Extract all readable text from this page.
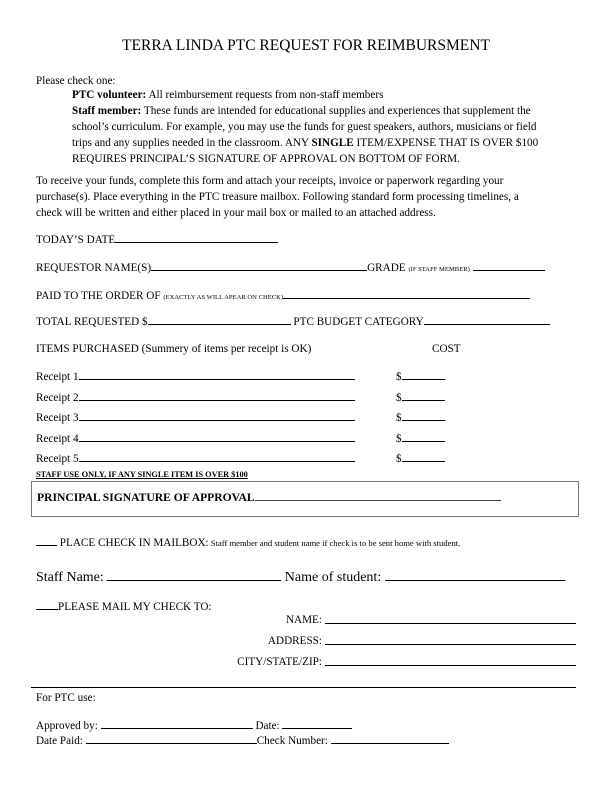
TERRA LINDA PTC REQUEST FOR REIMBURSMENT
Please check one:
PTC volunteer: All reimbursement requests from non-staff members
Staff member: These funds are intended for educational supplies and experiences that supplement the
school’s curriculum. For example, you may use the funds for guest speakers, authors, musicians or field
trips and any supplies needed in the classroom. ANY SINGLE ITEM/EXPENSE THAT IS OVER $100
REQUIRES PRINCIPAL’S SIGNATURE OF APPROVAL ON BOTTOM OF FORM.
To receive your funds, complete this form and attach your receipts, invoice or paperwork regarding your
purchase(s). Place everything in the PTC treasure mailbox. Following standard form processing timelines, a
check will be written and either placed in your mail box or mailed to an attached address.
TODAY’S DATE
REQUESTOR NAME(S)	GRADE (IF STAFF MEMBER)
PAID TO THE ORDER OF (EXACTLY AS WILL APEAR ON CHECK)
TOTAL REQUESTED $	PTC BUDGET CATEGORY
ITEMS PURCHASED (Summery of items per receipt is OK)	COST
Receipt 1	$
Receipt 2	$
Receipt 3	$
Receipt 4	$
Receipt 5	$
STAFF USE ONLY, IF ANY SINGLE ITEM IS OVER $100
PRINCIPAL SIGNATURE OF APPROVAL
PLACE CHECK IN MAILBOX: Staff member and student name if check is to be sent home with student.
Staff Name:	Name of student:
PLEASE MAIL MY CHECK TO:
NAME:
ADDRESS:
CITY/STATE/ZIP:
For PTC use:
Approved by:	Date:
Date Paid:	Check Number:
